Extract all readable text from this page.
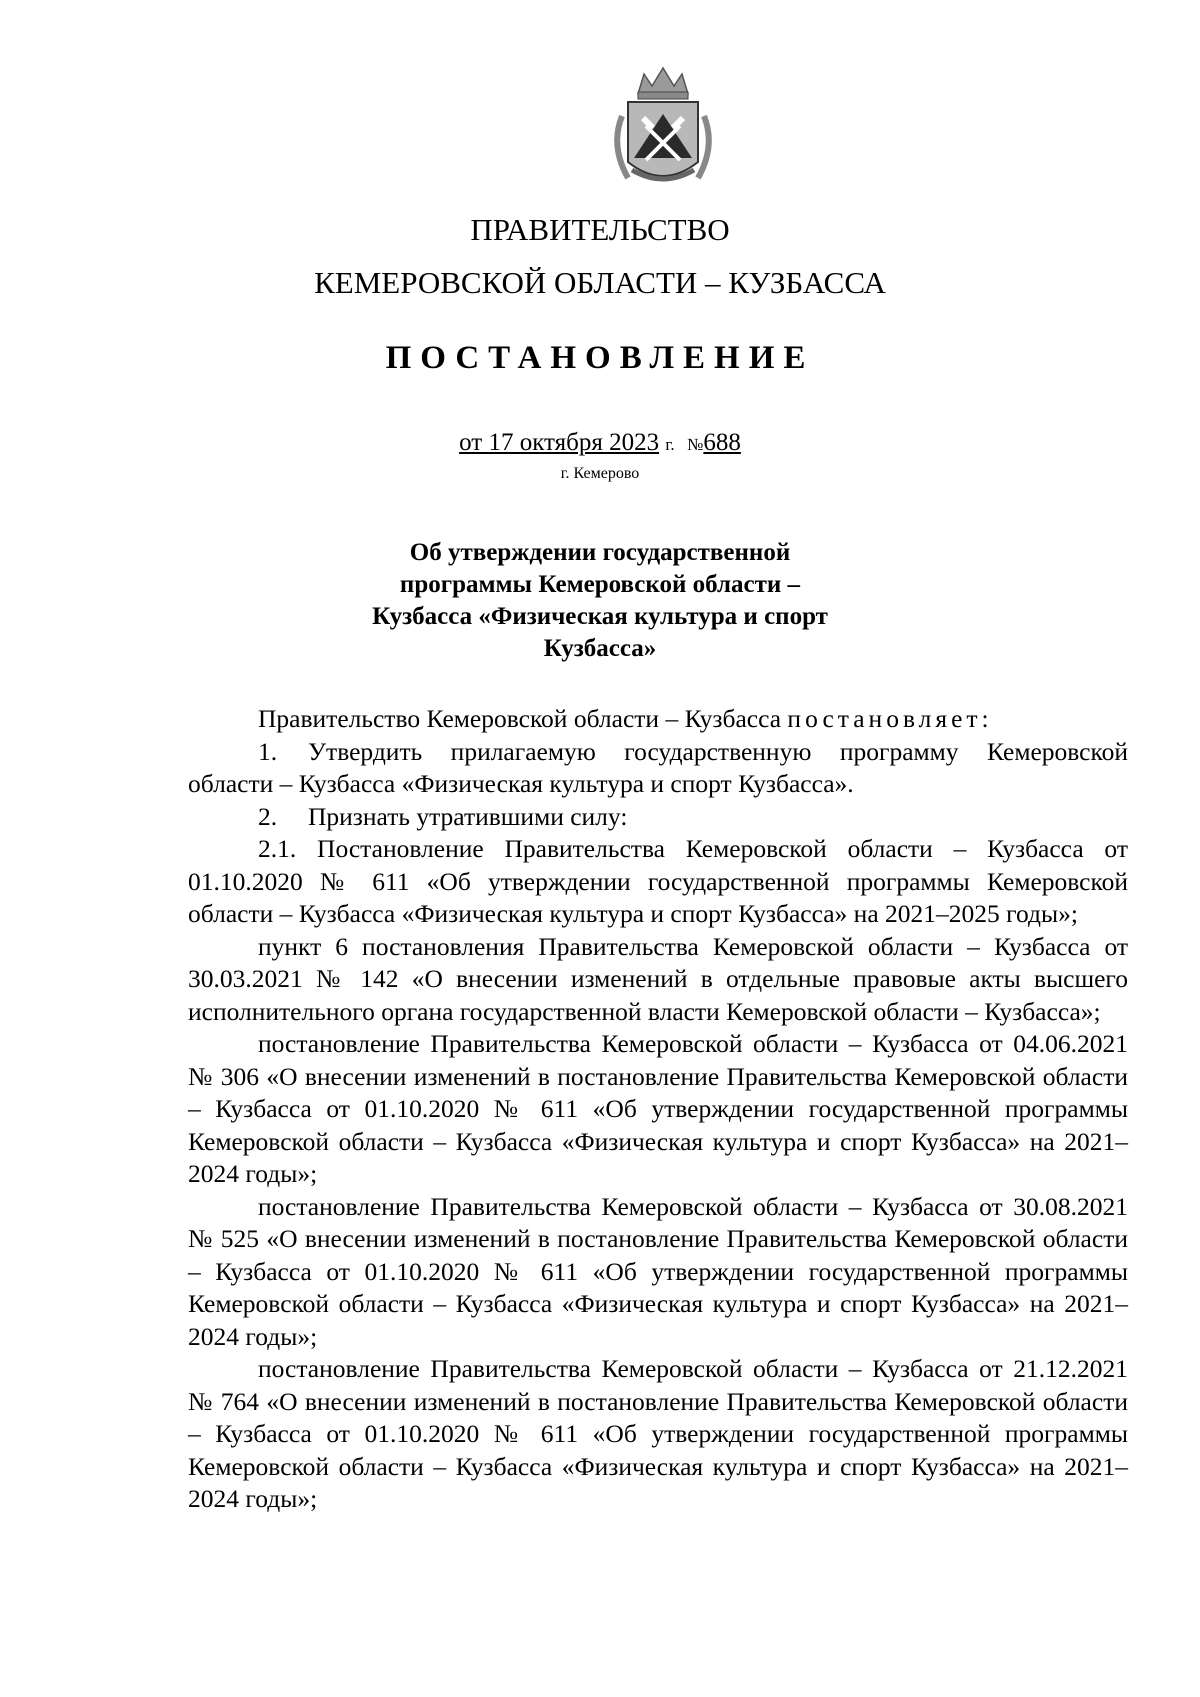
ПРАВИТЕЛЬСТВО
КЕМЕРОВСКОЙ ОБЛАСТИ – КУЗБАССА
ПОСТАНОВЛЕНИЕ
от 17 октября 2023 г. №688
г. Кемерово
Об утверждении государственной
программы Кемеровской области –
Кузбасса «Физическая культура и спорт
Кузбасса»

Правительство Кемеровской области – Кузбасса постановляет:

1. Утвердить прилагаемую государственную программу Кемеровской области – Кузбасса «Физическая культура и спорт Кузбасса».

2. Признать утратившими силу:

2.1. Постановление Правительства Кемеровской области – Кузбасса от 01.10.2020 № 611 «Об утверждении государственной программы Кемеровской области – Кузбасса «Физическая культура и спорт Кузбасса» на 2021–2025 годы»;

пункт 6 постановления Правительства Кемеровской области – Кузбасса от 30.03.2021 № 142 «О внесении изменений в отдельные правовые акты высшего исполнительного органа государственной власти Кемеровской области – Кузбасса»;

постановление Правительства Кемеровской области – Кузбасса от 04.06.2021 № 306 «О внесении изменений в постановление Правительства Кемеровской области – Кузбасса от 01.10.2020 № 611 «Об утверждении государственной программы Кемеровской области – Кузбасса «Физическая культура и спорт Кузбасса» на 2021–2024 годы»;

постановление Правительства Кемеровской области – Кузбасса от 30.08.2021 № 525 «О внесении изменений в постановление Правительства Кемеровской области – Кузбасса от 01.10.2020 № 611 «Об утверждении государственной программы Кемеровской области – Кузбасса «Физическая культура и спорт Кузбасса» на 2021–2024 годы»;

постановление Правительства Кемеровской области – Кузбасса от 21.12.2021 № 764 «О внесении изменений в постановление Правительства Кемеровской области – Кузбасса от 01.10.2020 № 611 «Об утверждении государственной программы Кемеровской области – Кузбасса «Физическая культура и спорт Кузбасса» на 2021–2024 годы»;
